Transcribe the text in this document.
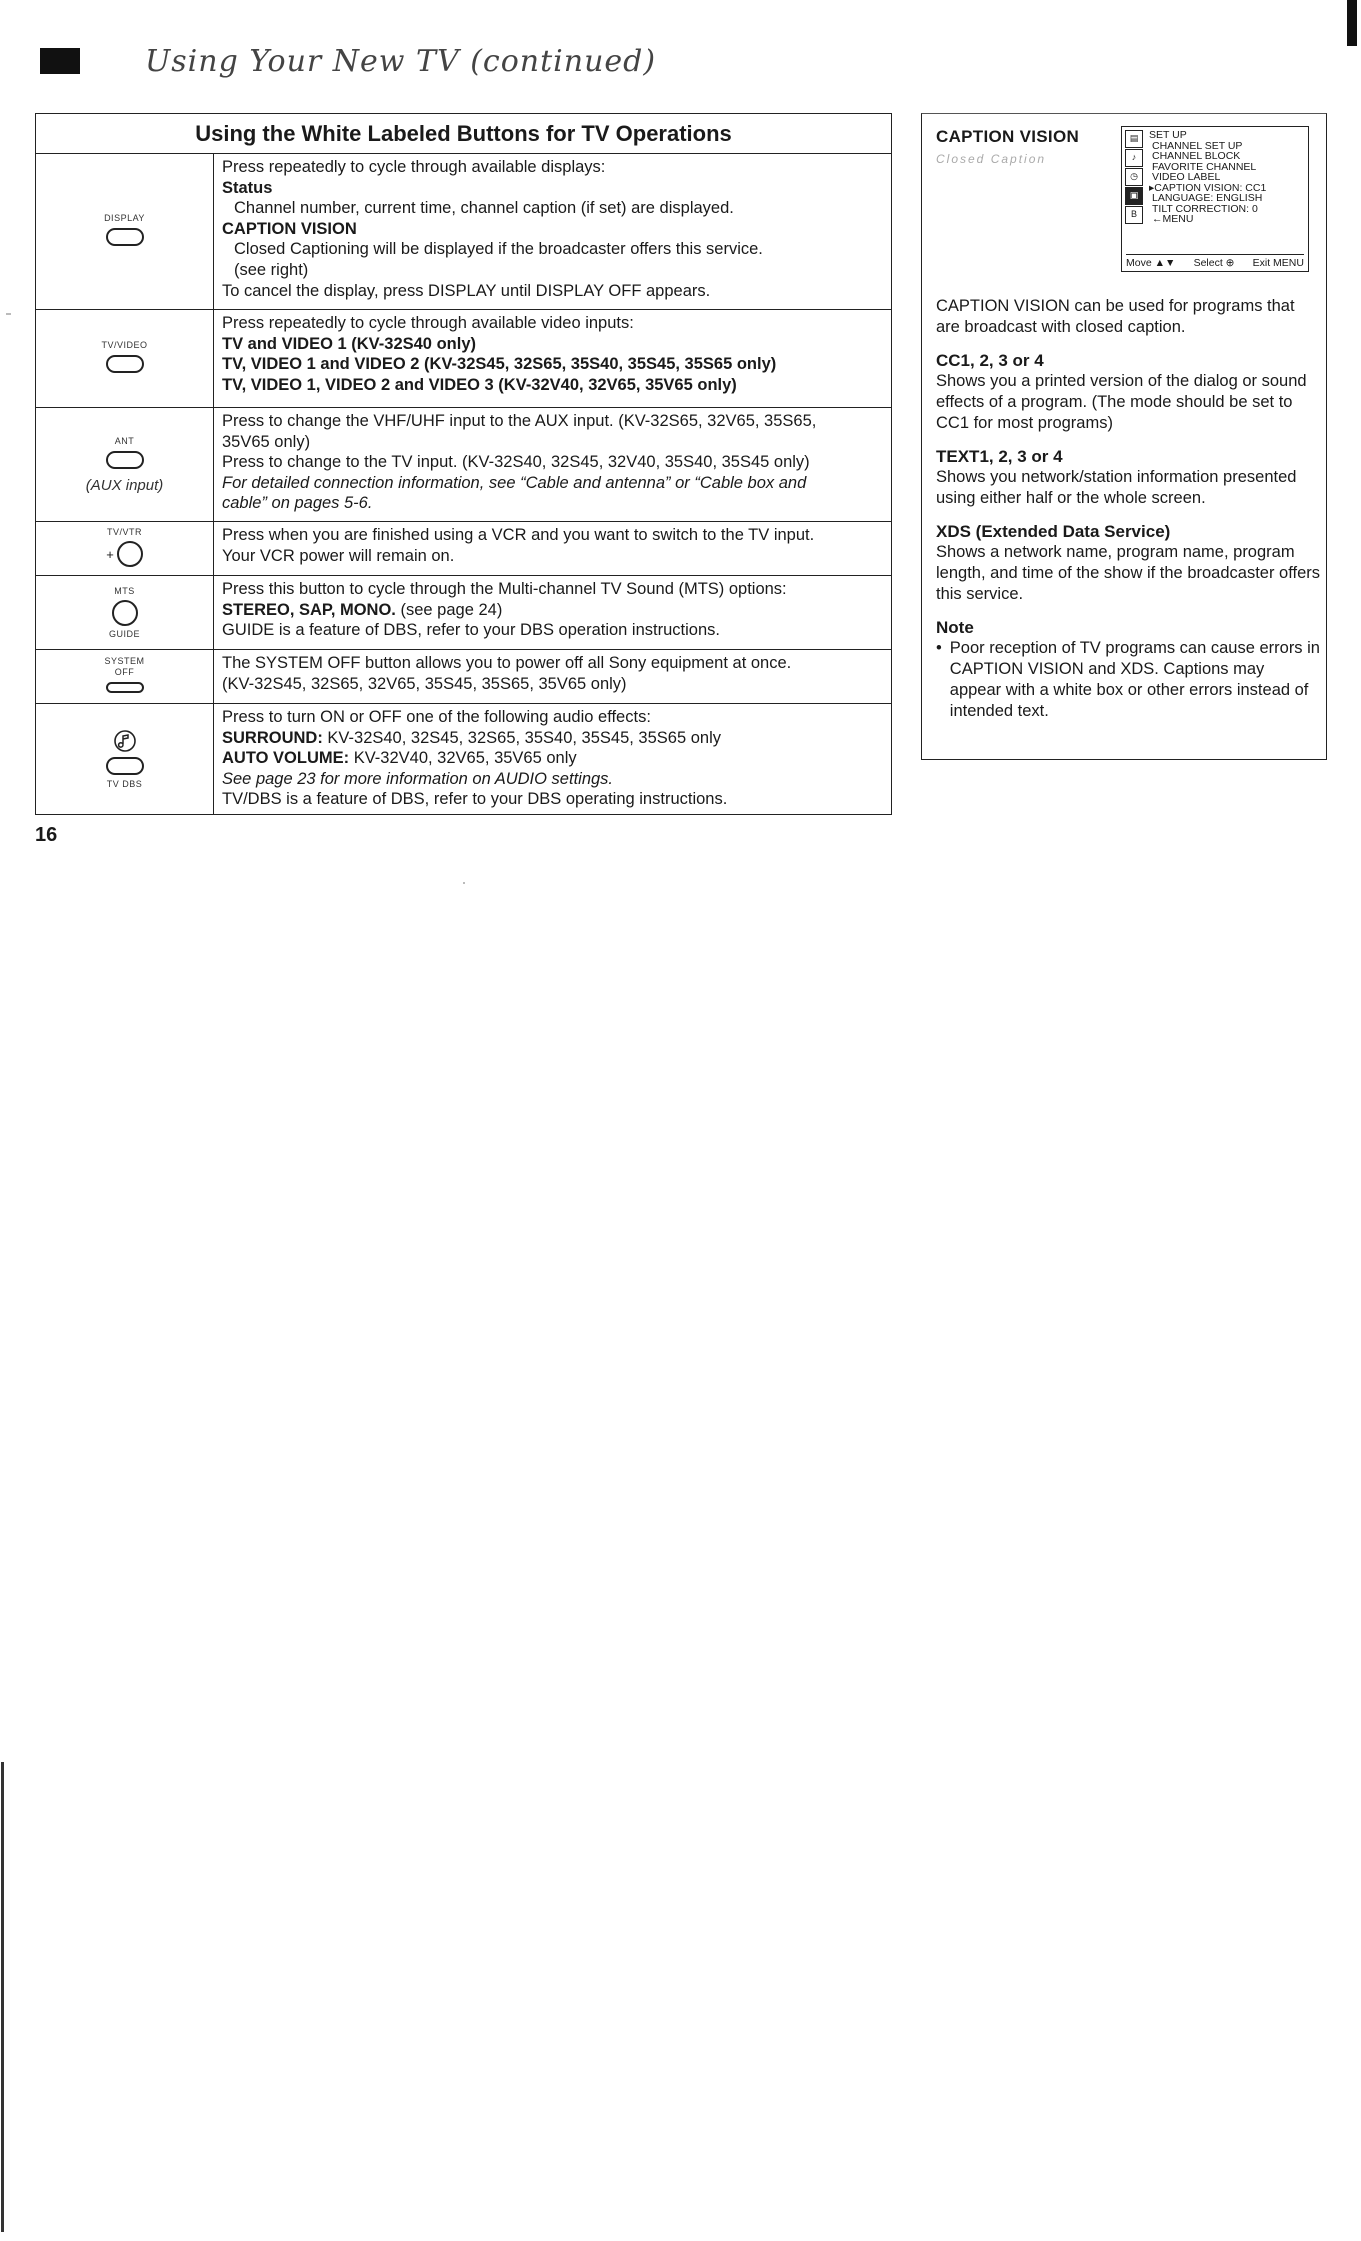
Using Your New TV (continued)
Using the White Labeled Buttons for TV Operations
DISPLAY

Press repeatedly to cycle through available displays:

Status

Channel number, current time, channel caption (if set) are displayed.

CAPTION VISION

Closed Captioning will be displayed if the broadcaster offers this service.

(see right)

To cancel the display, press DISPLAY until DISPLAY OFF appears.

TV/VIDEO

Press repeatedly to cycle through available video inputs:

TV and VIDEO 1 (KV-32S40 only)

TV, VIDEO 1 and VIDEO 2 (KV-32S45, 32S65, 35S40, 35S45, 35S65 only)

TV, VIDEO 1, VIDEO 2 and VIDEO 3 (KV-32V40, 32V65, 35V65 only)

ANT
(AUX input)

Press to change the VHF/UHF input to the AUX input. (KV-32S65, 32V65, 35S65,

35V65 only)

Press to change to the TV input. (KV-32S40, 32S45, 32V40, 35S40, 35S45 only)

For detailed connection information, see “Cable and antenna” or “Cable box and

cable” on pages 5-6.

TV/VTR
+

Press when you are finished using a VCR and you want to switch to the TV input.

Your VCR power will remain on.

MTS
GUIDE

Press this button to cycle through the Multi-channel TV Sound (MTS) options:

STEREO, SAP, MONO. (see page 24)

GUIDE is a feature of DBS, refer to your DBS operation instructions.

SYSTEM OFF	The SYSTEM OFF button allows you to power off all Sony equipment at once.

(KV-32S45, 32S65, 32V65, 35S45, 35S65, 35V65 only)

TV DBS

Press to turn ON or OFF one of the following audio effects:

SURROUND: KV-32S40, 32S45, 32S65, 35S40, 35S45, 35S65 only

AUTO VOLUME: KV-32V40, 32V65, 35V65 only

See page 23 for more information on AUDIO settings.

TV/DBS is a feature of DBS, refer to your DBS operating instructions.

16
CAPTION VISION
Closed Caption

CAPTION VISION can be used for programs that are broadcast with closed caption.

CC1, 2, 3 or 4

Shows you a printed version of the dialog or sound effects of a program. (The mode should be set to CC1 for most programs)

TEXT1, 2, 3 or 4

Shows you network/station information presented using either half or the whole screen.

XDS (Extended Data Service)

Shows a network name, program name, program length, and time of the show if the broadcaster offers this service.

Note
• Poor reception of TV programs can cause errors in CAPTION VISION and XDS. Captions may appear with a white box or other errors instead of intended text.
▤
♪
◷
▣
B
SET UP
CHANNEL SET UP
CHANNEL BLOCK
FAVORITE CHANNEL
VIDEO LABEL
▸CAPTION VISION: CC1
LANGUAGE: ENGLISH
TILT CORRECTION: 0
←MENU
Move ▲▼ Select ⊕ Exit MENU
